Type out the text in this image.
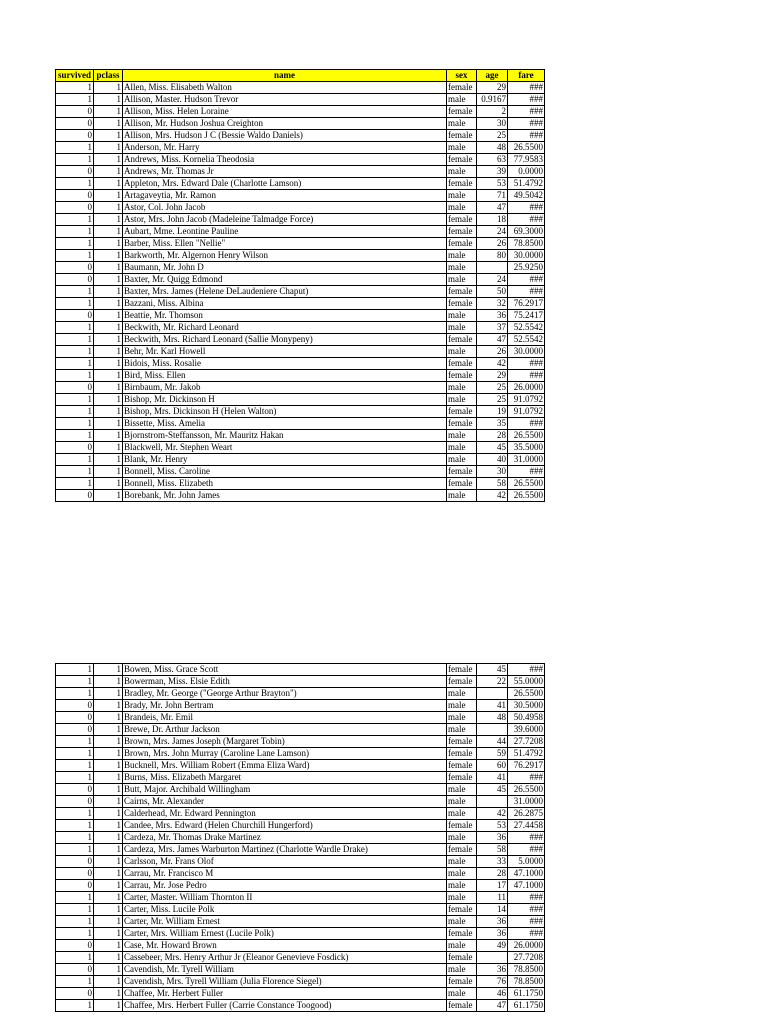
survived	pclass	name	sex	age	fare
1	1	Allen, Miss. Elisabeth Walton	female	29	###
1	1	Allison, Master. Hudson Trevor	male	0.9167	###
0	1	Allison, Miss. Helen Loraine	female	2	###
0	1	Allison, Mr. Hudson Joshua Creighton	male	30	###
0	1	Allison, Mrs. Hudson J C (Bessie Waldo Daniels)	female	25	###
1	1	Anderson, Mr. Harry	male	48	26.5500
1	1	Andrews, Miss. Kornelia Theodosia	female	63	77.9583
0	1	Andrews, Mr. Thomas Jr	male	39	0.0000
1	1	Appleton, Mrs. Edward Dale (Charlotte Lamson)	female	53	51.4792
0	1	Artagaveytia, Mr. Ramon	male	71	49.5042
0	1	Astor, Col. John Jacob	male	47	###
1	1	Astor, Mrs. John Jacob (Madeleine Talmadge Force)	female	18	###
1	1	Aubart, Mme. Leontine Pauline	female	24	69.3000
1	1	Barber, Miss. Ellen "Nellie"	female	26	78.8500
1	1	Barkworth, Mr. Algernon Henry Wilson	male	80	30.0000
0	1	Baumann, Mr. John D	male		25.9250
0	1	Baxter, Mr. Quigg Edmond	male	24	###
1	1	Baxter, Mrs. James (Helene DeLaudeniere Chaput)	female	50	###
1	1	Bazzani, Miss. Albina	female	32	76.2917
0	1	Beattie, Mr. Thomson	male	36	75.2417
1	1	Beckwith, Mr. Richard Leonard	male	37	52.5542
1	1	Beckwith, Mrs. Richard Leonard (Sallie Monypeny)	female	47	52.5542
1	1	Behr, Mr. Karl Howell	male	26	30.0000
1	1	Bidois, Miss. Rosalie	female	42	###
1	1	Bird, Miss. Ellen	female	29	###
0	1	Birnbaum, Mr. Jakob	male	25	26.0000
1	1	Bishop, Mr. Dickinson H	male	25	91.0792
1	1	Bishop, Mrs. Dickinson H (Helen Walton)	female	19	91.0792
1	1	Bissette, Miss. Amelia	female	35	###
1	1	Bjornstrom-Steffansson, Mr. Mauritz Hakan	male	28	26.5500
0	1	Blackwell, Mr. Stephen Weart	male	45	35.5000
1	1	Blank, Mr. Henry	male	40	31.0000
1	1	Bonnell, Miss. Caroline	female	30	###
1	1	Bonnell, Miss. Elizabeth	female	58	26.5500
0	1	Borebank, Mr. John James	male	42	26.5500
1	1	Bowen, Miss. Grace Scott	female	45	###
1	1	Bowerman, Miss. Elsie Edith	female	22	55.0000
1	1	Bradley, Mr. George ("George Arthur Brayton")	male		26.5500
0	1	Brady, Mr. John Bertram	male	41	30.5000
0	1	Brandeis, Mr. Emil	male	48	50.4958
0	1	Brewe, Dr. Arthur Jackson	male		39.6000
1	1	Brown, Mrs. James Joseph (Margaret Tobin)	female	44	27.7208
1	1	Brown, Mrs. John Murray (Caroline Lane Lamson)	female	59	51.4792
1	1	Bucknell, Mrs. William Robert (Emma Eliza Ward)	female	60	76.2917
1	1	Burns, Miss. Elizabeth Margaret	female	41	###
0	1	Butt, Major. Archibald Willingham	male	45	26.5500
0	1	Cairns, Mr. Alexander	male		31.0000
1	1	Calderhead, Mr. Edward Pennington	male	42	26.2875
1	1	Candee, Mrs. Edward (Helen Churchill Hungerford)	female	53	27.4458
1	1	Cardeza, Mr. Thomas Drake Martinez	male	36	###
1	1	Cardeza, Mrs. James Warburton Martinez (Charlotte Wardle Drake)	female	58	###
0	1	Carlsson, Mr. Frans Olof	male	33	5.0000
0	1	Carrau, Mr. Francisco M	male	28	47.1000
0	1	Carrau, Mr. Jose Pedro	male	17	47.1000
1	1	Carter, Master. William Thornton II	male	11	###
1	1	Carter, Miss. Lucile Polk	female	14	###
1	1	Carter, Mr. William Ernest	male	36	###
1	1	Carter, Mrs. William Ernest (Lucile Polk)	female	36	###
0	1	Case, Mr. Howard Brown	male	49	26.0000
1	1	Cassebeer, Mrs. Henry Arthur Jr (Eleanor Genevieve Fosdick)	female		27.7208
0	1	Cavendish, Mr. Tyrell William	male	36	78.8500
1	1	Cavendish, Mrs. Tyrell William (Julia Florence Siegel)	female	76	78.8500
0	1	Chaffee, Mr. Herbert Fuller	male	46	61.1750
1	1	Chaffee, Mrs. Herbert Fuller (Carrie Constance Toogood)	female	47	61.1750
